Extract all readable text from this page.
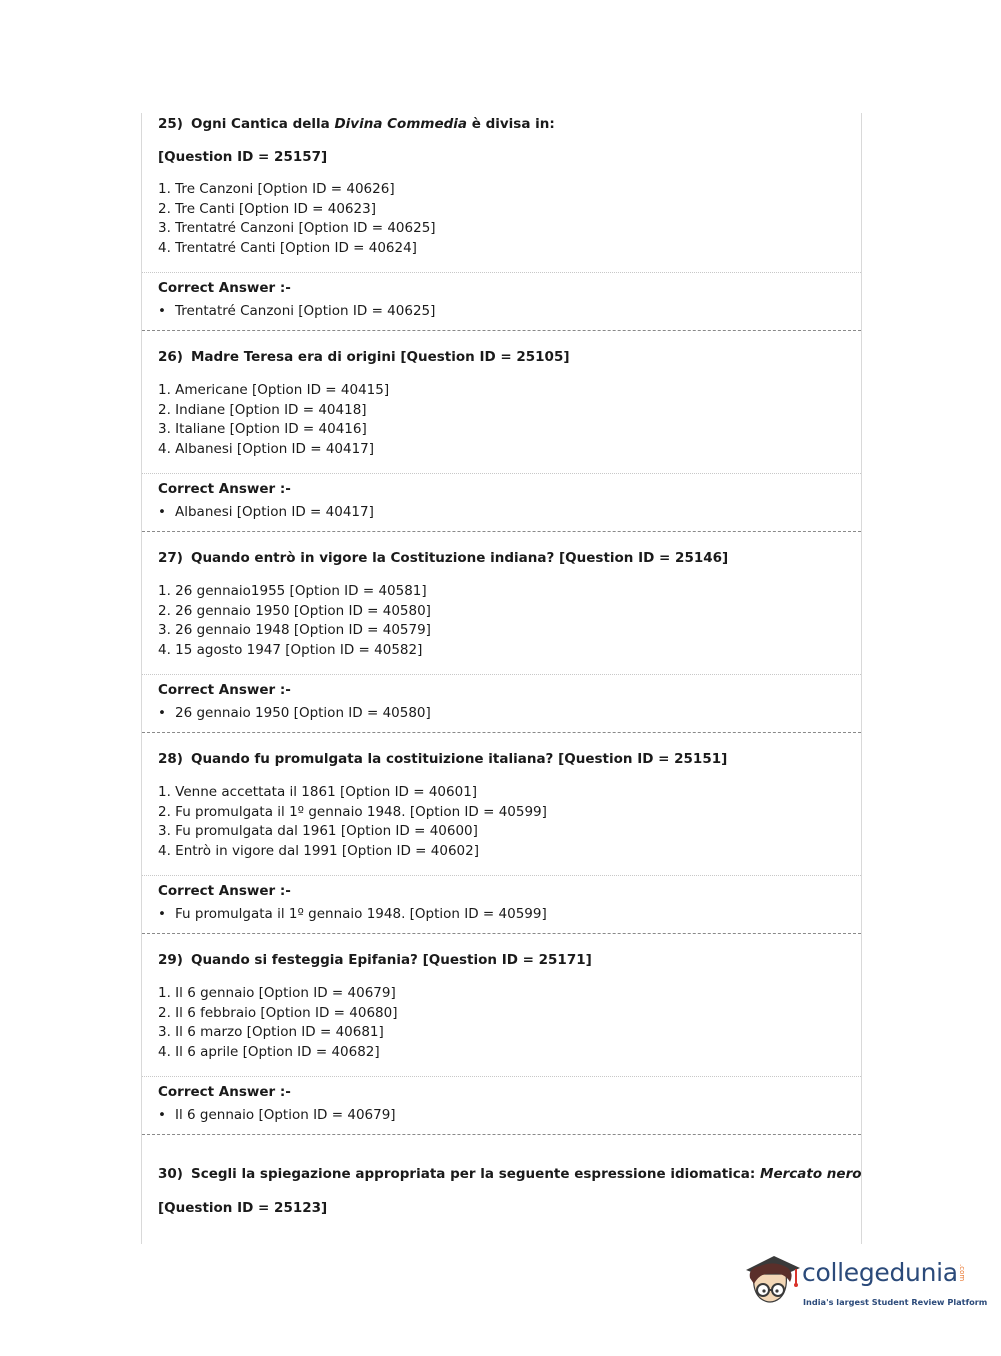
25) Ogni Cantica della Divina Commedia è divisa in:
[Question ID = 25157]
1. Tre Canzoni [Option ID = 40626]
2. Tre Canti [Option ID = 40623]
3. Trentatré Canzoni [Option ID = 40625]
4. Trentatré Canti [Option ID = 40624]
Correct Answer :-
• Trentatré Canzoni [Option ID = 40625]
26) Madre Teresa era di origini [Question ID = 25105]
1. Americane [Option ID = 40415]
2. Indiane [Option ID = 40418]
3. Italiane [Option ID = 40416]
4. Albanesi [Option ID = 40417]
Correct Answer :-
• Albanesi [Option ID = 40417]
27) Quando entrò in vigore la Costituzione indiana? [Question ID = 25146]
1. 26 gennaio1955 [Option ID = 40581]
2. 26 gennaio 1950 [Option ID = 40580]
3. 26 gennaio 1948 [Option ID = 40579]
4. 15 agosto 1947 [Option ID = 40582]
Correct Answer :-
• 26 gennaio 1950 [Option ID = 40580]
28) Quando fu promulgata la costituizione italiana? [Question ID = 25151]
1. Venne accettata il 1861 [Option ID = 40601]
2. Fu promulgata il 1º gennaio 1948. [Option ID = 40599]
3. Fu promulgata dal 1961 [Option ID = 40600]
4. Entrò in vigore dal 1991 [Option ID = 40602]
Correct Answer :-
• Fu promulgata il 1º gennaio 1948. [Option ID = 40599]
29) Quando si festeggia Epifania? [Question ID = 25171]
1. Il 6 gennaio [Option ID = 40679]
2. Il 6 febbraio [Option ID = 40680]
3. Il 6 marzo [Option ID = 40681]
4. Il 6 aprile [Option ID = 40682]
Correct Answer :-
• Il 6 gennaio [Option ID = 40679]
30) Scegli la spiegazione appropriata per la seguente espressione idiomatica: Mercato nero
[Question ID = 25123]
collegedunia .com
India's largest Student Review Platform
